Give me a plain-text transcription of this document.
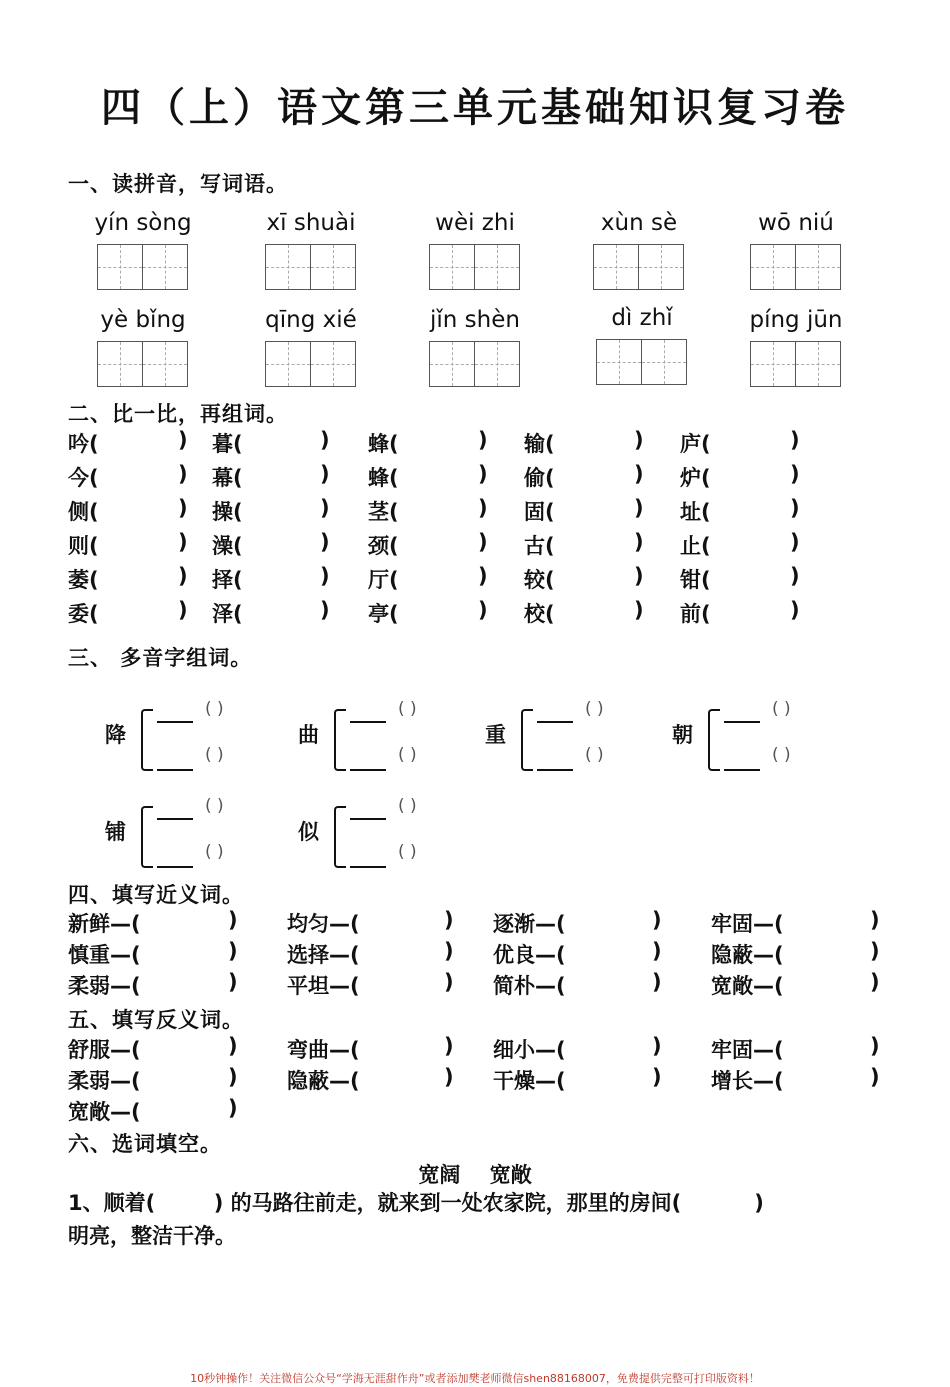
四（上）语文第三单元基础知识复习卷
一、读拼音，写词语。
yín sòng	xī shuài	wèi zhi	xùn sè	wō niú
yè bǐng	qīng xié	jǐn shèn	dì zhǐ	píng jūn
二、比一比，再组词。
吟(	) 暮(	) 蜂(	) 输(	) 庐(	)
今(	) 幕(	) 蜂(	) 偷(	) 炉(	)
侧(	) 操(	) 茎(	) 固(	) 址(	)
则(	) 澡(	) 颈(	) 古(	) 止(	)
萎(	) 择(	) 厅(	) 较(	) 钳(	)
委(	) 泽(	) 亭(	) 校(	) 前(	)
三、 多音字组词。
降
( )
( )
曲
( )
( )
重
( )
( )
朝
( )
( )
铺
( )
( )
似
( )
( )
四、填写近义词。
新鲜—(	) 均匀—(	) 逐渐—(	) 牢固—(	)
慎重—(	) 选择—(	) 优良—(	) 隐蔽—(	)
柔弱—(	) 平坦—(	) 简朴—(	) 宽敞—(	)
五、填写反义词。
舒服—(	) 弯曲—(	) 细小—(	) 牢固—(	)
柔弱—(	) 隐蔽—(	) 干燥—(	) 增长—(	)
宽敞—(	)
六、选词填空。
宽阔    宽敞
1、顺着(        ) 的马路往前走，就来到一处农家院，那里的房间(          )
明亮，整洁干净。
10秒钟操作！关注微信公众号“学海无涯甜作舟”或者添加樊老师微信shen88168007，免费提供完整可打印版资料！
